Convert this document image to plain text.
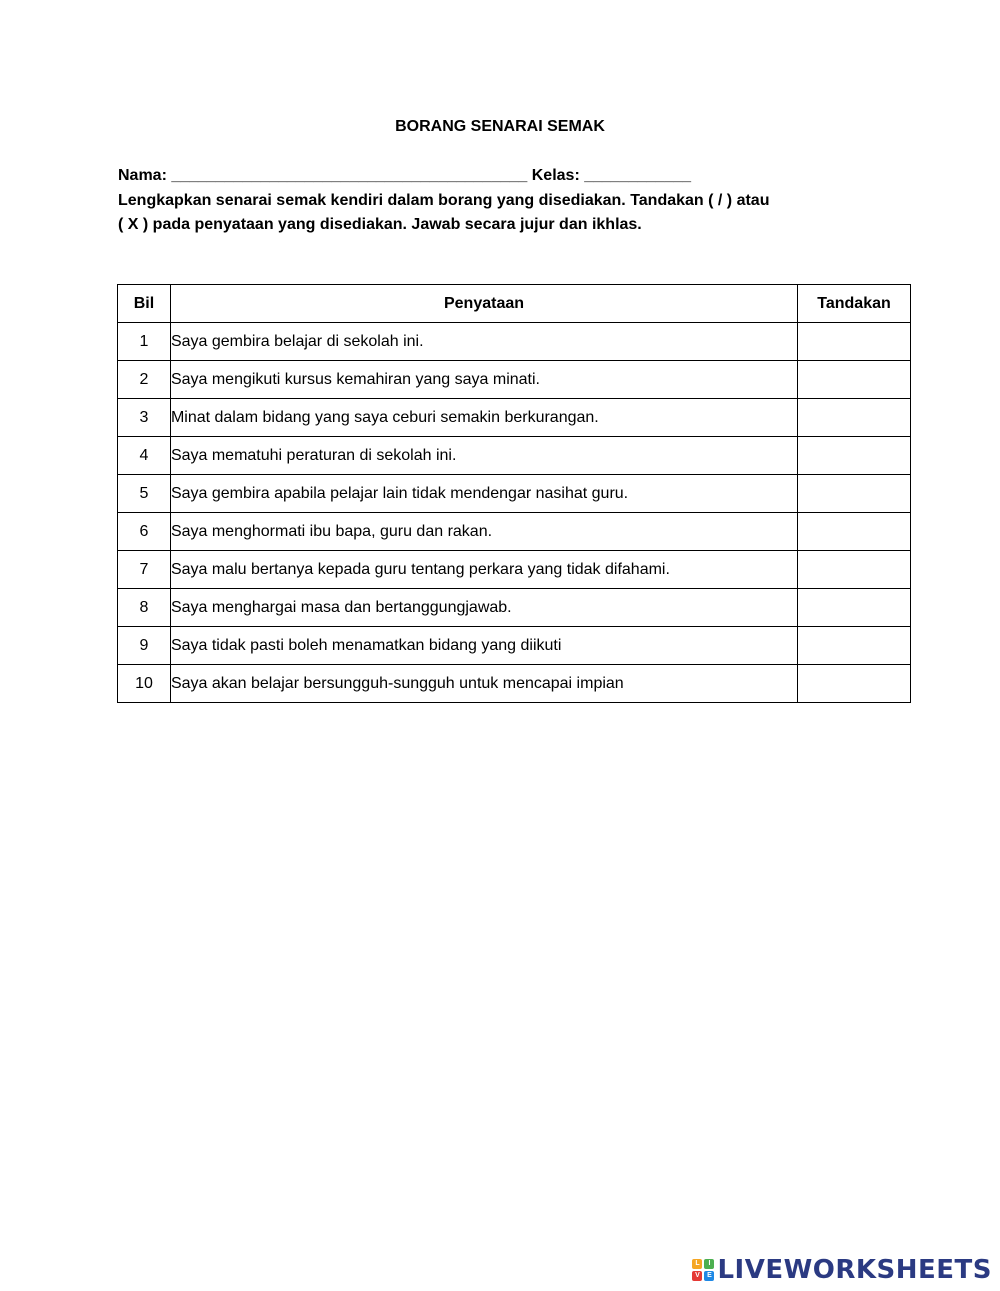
BORANG SENARAI SEMAK
Nama: ________________________________________ Kelas: ____________
Lengkapkan senarai semak kendiri dalam borang yang disediakan. Tandakan ( / ) atau
( X ) pada penyataan yang disediakan. Jawab secara jujur dan ikhlas.
Bil	Penyataan	Tandakan
1	Saya gembira belajar di sekolah ini.	
2	Saya mengikuti kursus kemahiran yang saya minati.	
3	Minat dalam bidang yang saya ceburi semakin berkurangan.	
4	Saya mematuhi peraturan di sekolah ini.	
5	Saya gembira apabila pelajar lain tidak mendengar nasihat guru.	
6	Saya menghormati ibu bapa, guru dan rakan.	
7	Saya malu bertanya kepada guru tentang perkara yang tidak difahami.	
8	Saya menghargai masa dan bertanggungjawab.	
9	Saya tidak pasti boleh menamatkan bidang yang diikuti	
10	Saya akan belajar bersungguh-sungguh untuk mencapai impian	
L	I
V	E LIVEWORKSHEETS
